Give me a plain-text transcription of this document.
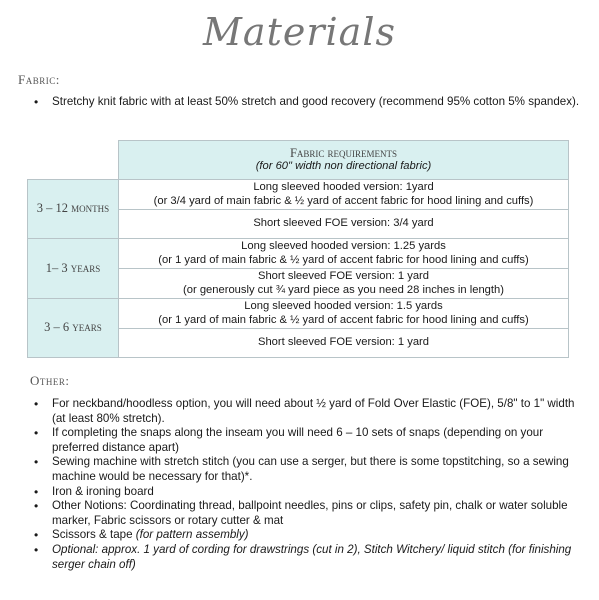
Materials
Fabric:
• Stretchy knit fabric with at least 50% stretch and good recovery (recommend 95% cotton 5% spandex).

	Fabric requirements
(for 60" width non directional fabric)

3 – 12 months	Long sleeved hooded version: 1yard
(or 3/4 yard of main fabric & ½ yard of accent fabric for hood lining and cuffs)

	Short sleeved FOE version: 3/4 yard

1– 3 years	Long sleeved hooded version: 1.25 yards
(or 1 yard of main fabric & ½ yard of accent fabric for hood lining and cuffs)

	Short sleeved FOE version: 1 yard
(or generously cut ¾ yard piece as you need 28 inches in length)

3 – 6 years	Long sleeved hooded version: 1.5 yards
(or 1 yard of main fabric & ½ yard of accent fabric for hood lining and cuffs)

	Short sleeved FOE version: 1 yard
Other:
• For neckband/hoodless option, you will need about ½ yard of Fold Over Elastic (FOE), 5/8" to 1" width (at least 80% stretch).
• If completing the snaps along the inseam you will need 6 – 10 sets of snaps (depending on your preferred distance apart)
• Sewing machine with stretch stitch (you can use a serger, but there is some topstitching, so a sewing machine would be necessary for that)*.
• Iron & ironing board
• Other Notions: Coordinating thread, ballpoint needles, pins or clips, safety pin, chalk or water soluble marker, Fabric scissors or rotary cutter & mat
• Scissors & tape (for pattern assembly)
• Optional: approx. 1 yard of cording for drawstrings (cut in 2), Stitch Witchery/ liquid stitch (for finishing serger chain off)
